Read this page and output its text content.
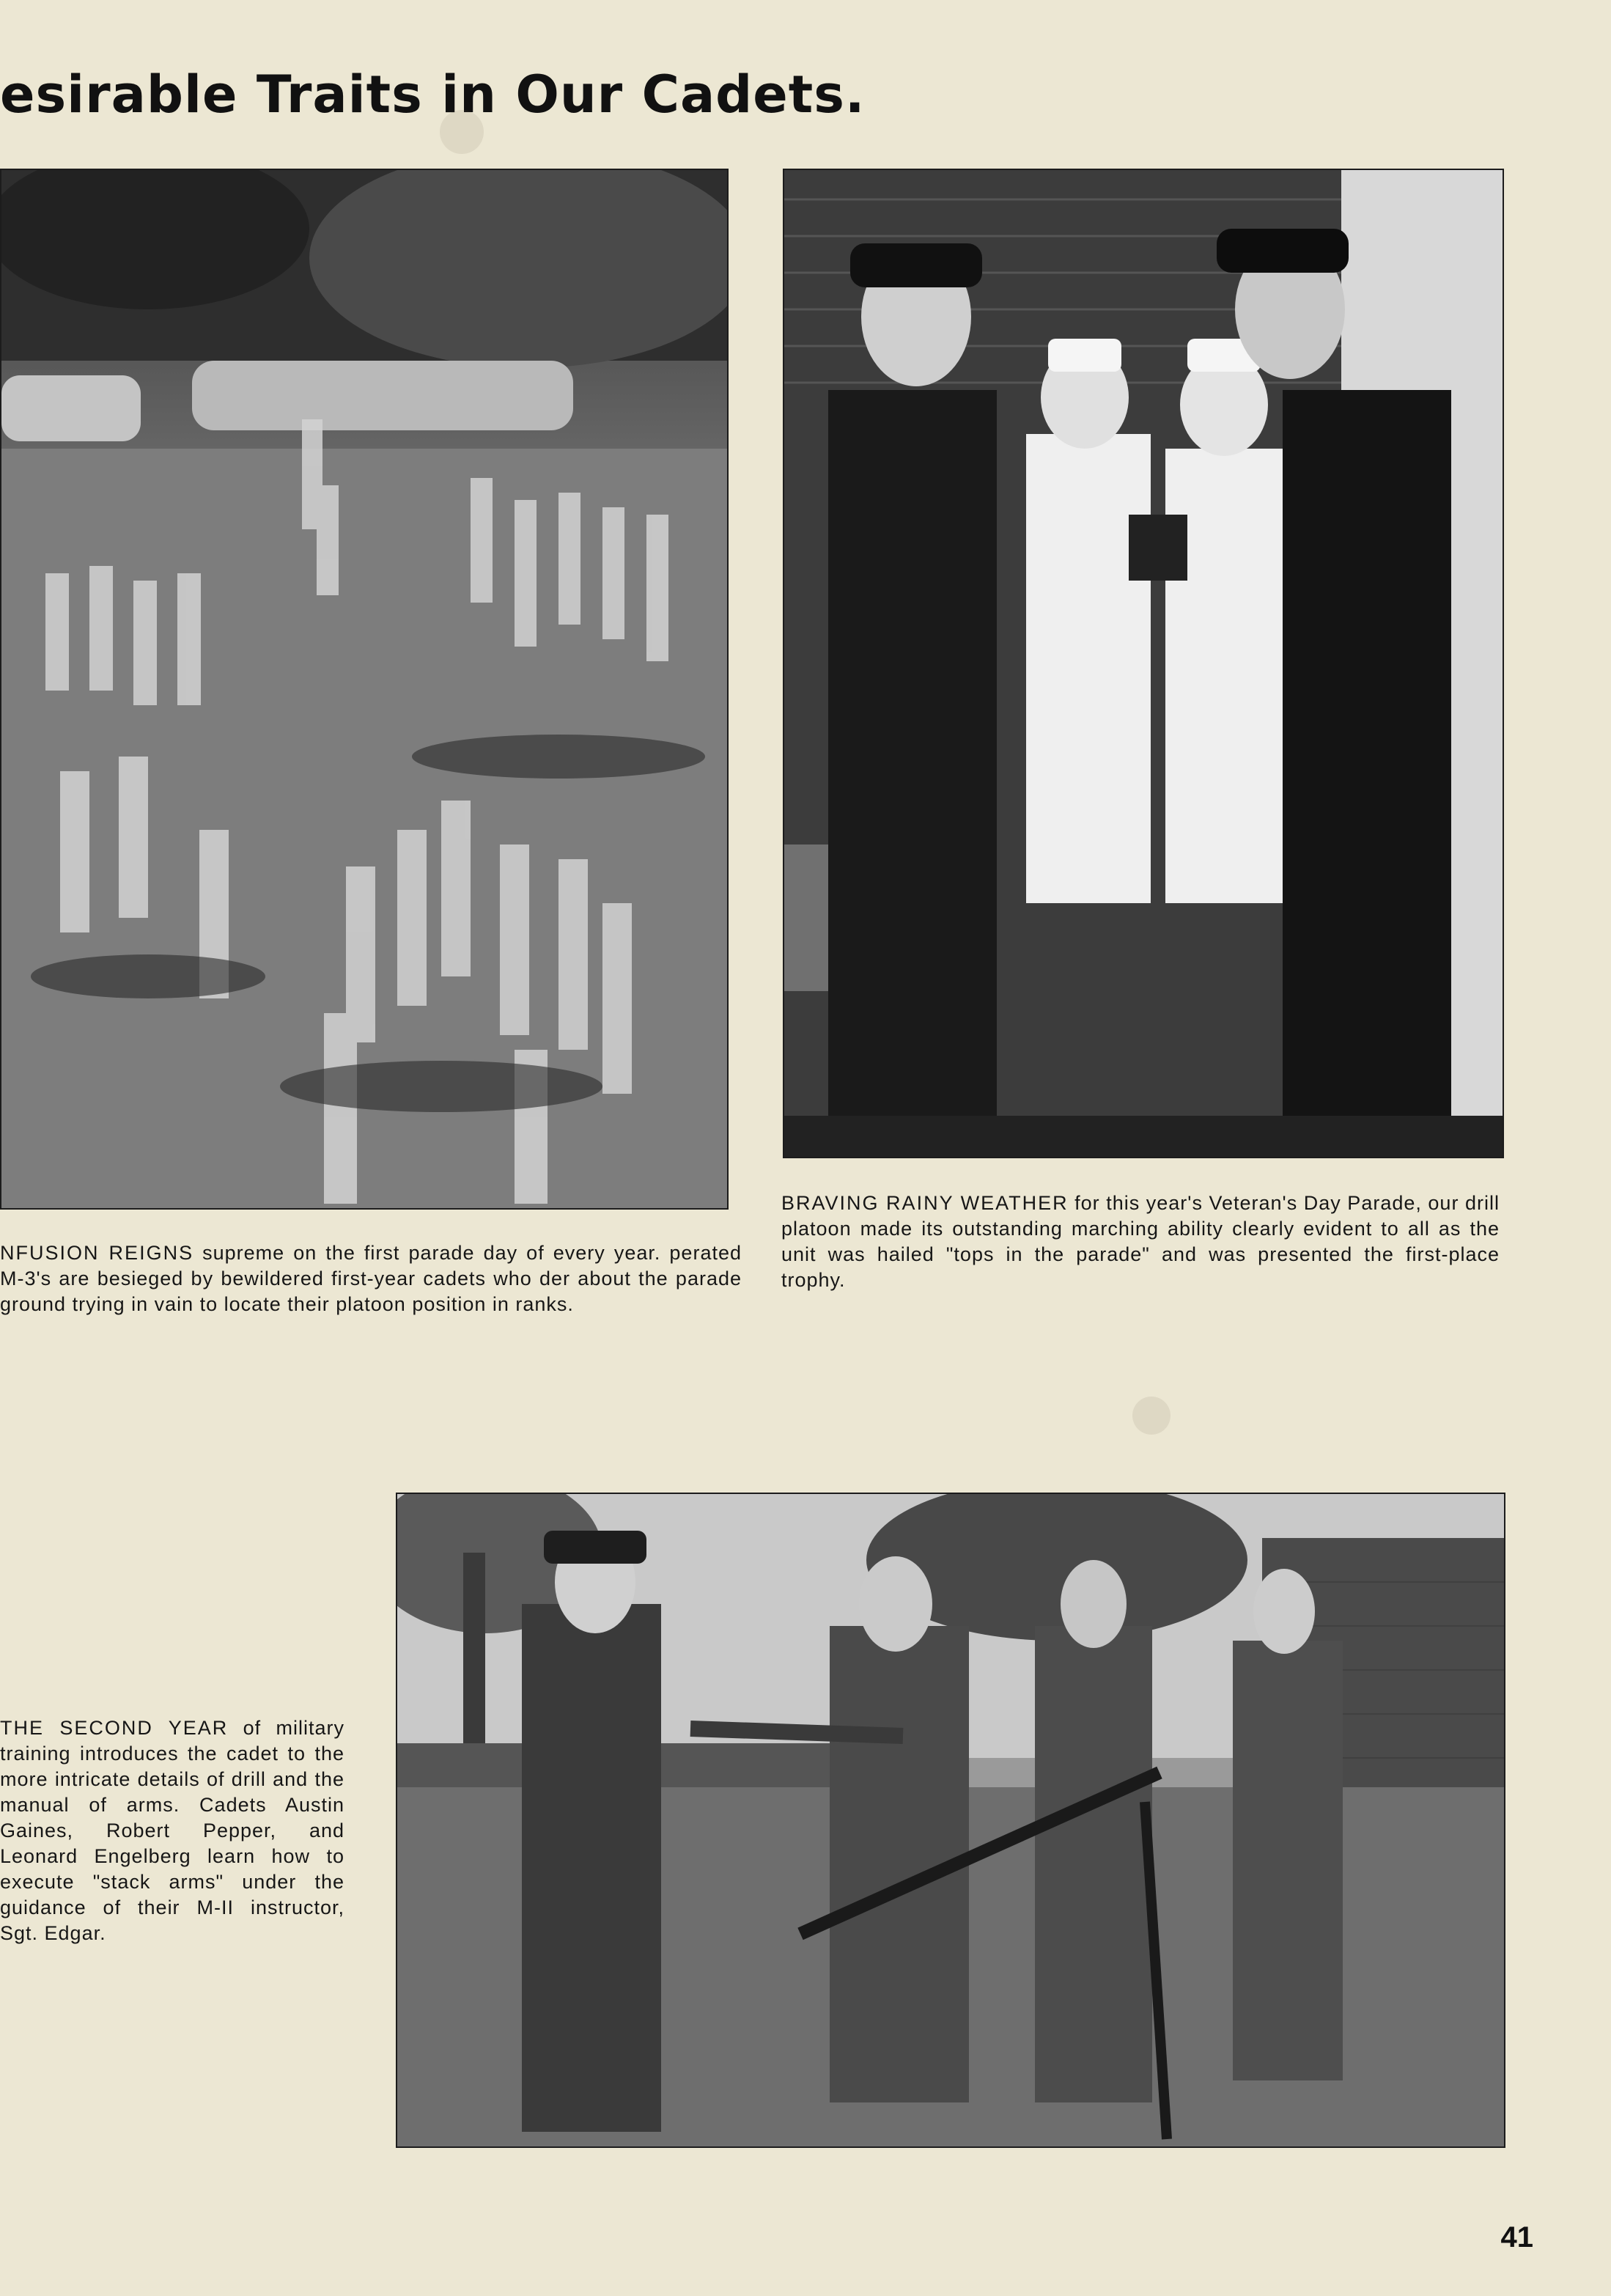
esirable Traits in Our Cadets.

NFUSION REIGNS supreme on the first parade day of every year. perated M-3's are besieged by bewildered first-year cadets who der about the parade ground trying in vain to locate their platoon position in ranks.

BRAVING RAINY WEATHER for this year's Veteran's Day Parade, our drill platoon made its outstanding marching ability clearly evident to all as the unit was hailed "tops in the parade" and was presented the first-place trophy.

THE SECOND YEAR of military training introduces the cadet to the more intricate details of drill and the manual of arms. Cadets Austin Gaines, Robert Pepper, and Leonard Engelberg learn how to execute "stack arms" under the guidance of their M-II instructor, Sgt. Edgar.

41
